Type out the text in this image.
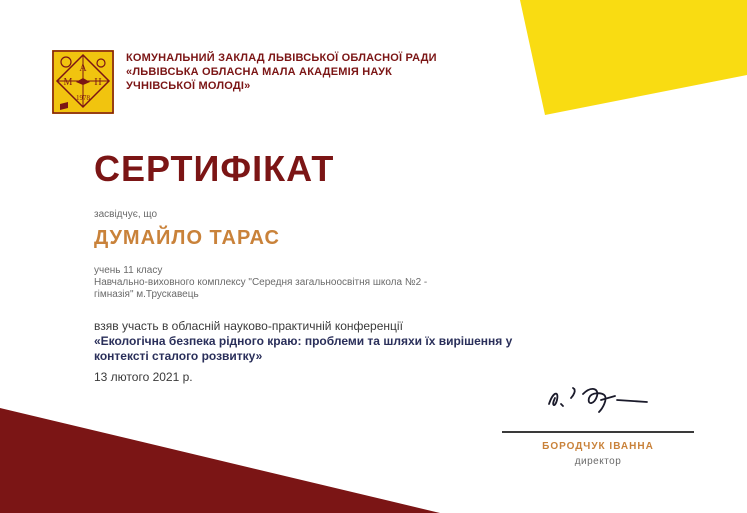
А
М Н
1978
КОМУНАЛЬНИЙ ЗАКЛАД ЛЬВІВСЬКОЇ ОБЛАСНОЇ РАДИ
«ЛЬВІВСЬКА ОБЛАСНА МАЛА АКАДЕМІЯ НАУК
УЧНІВСЬКОЇ МОЛОДІ»
СЕРТИФІКАТ
засвідчує, що
ДУМАЙЛО ТАРАС
учень 11 класу
Навчально-виховного комплексу "Середня загальноосвітня школа №2 -
гімназія" м.Трускавець
взяв участь в обласній науково-практичній конференції
«Екологічна безпека рідного краю: проблеми та шляхи їх вирішення у
контексті сталого розвитку»
13 лютого 2021 р.
БОРОДЧУК ІВАННА
директор
